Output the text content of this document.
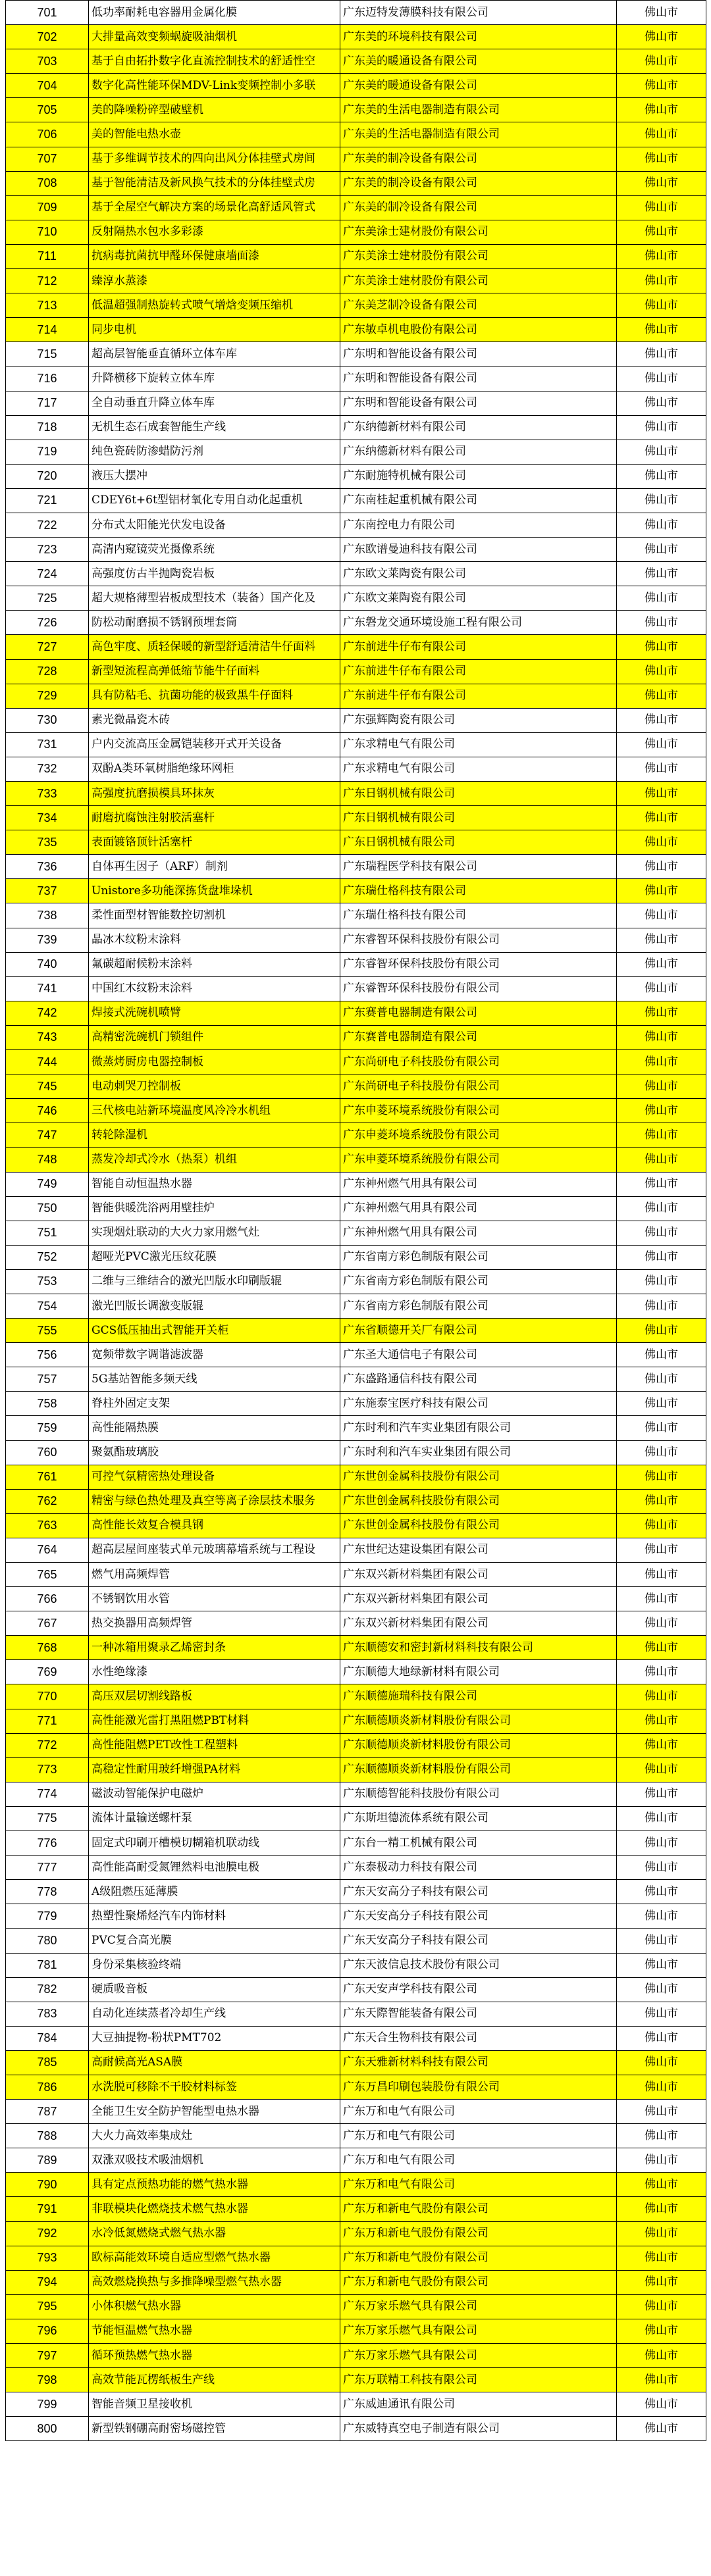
701	低功率耐耗电容器用金属化膜	广东迈特发薄膜科技有限公司	佛山市
702	大排量高效变频蜗旋吸油烟机	广东美的环境科技有限公司	佛山市
703	基于自由拓扑数字化直流控制技术的舒适性空	广东美的暖通设备有限公司	佛山市
704	数字化高性能环保MDV-Link变频控制小多联	广东美的暖通设备有限公司	佛山市
705	美的降噪粉碎型破壁机	广东美的生活电器制造有限公司	佛山市
706	美的智能电热水壶	广东美的生活电器制造有限公司	佛山市
707	基于多维调节技术的四向出风分体挂壁式房间	广东美的制冷设备有限公司	佛山市
708	基于智能清洁及新风换气技术的分体挂壁式房	广东美的制冷设备有限公司	佛山市
709	基于全屋空气解决方案的场景化高舒适风管式	广东美的制冷设备有限公司	佛山市
710	反射隔热水包水多彩漆	广东美涂士建材股份有限公司	佛山市
711	抗病毒抗菌抗甲醛环保健康墙面漆	广东美涂士建材股份有限公司	佛山市
712	臻淳水蒸漆	广东美涂士建材股份有限公司	佛山市
713	低温超强制热旋转式喷气增焓变频压缩机	广东美芝制冷设备有限公司	佛山市
714	同步电机	广东敏卓机电股份有限公司	佛山市
715	超高层智能垂直循环立体车库	广东明和智能设备有限公司	佛山市
716	升降横移下旋转立体车库	广东明和智能设备有限公司	佛山市
717	全自动垂直升降立体车库	广东明和智能设备有限公司	佛山市
718	无机生态石成套智能生产线	广东纳德新材料有限公司	佛山市
719	纯色瓷砖防渗蜡防污剂	广东纳德新材料有限公司	佛山市
720	液压大摆冲	广东耐施特机械有限公司	佛山市
721	CDEY6t+6t型铝材氧化专用自动化起重机	广东南桂起重机械有限公司	佛山市
722	分布式太阳能光伏发电设备	广东南控电力有限公司	佛山市
723	高清内窥镜荧光摄像系统	广东欧谱曼迪科技有限公司	佛山市
724	高强度仿古半抛陶瓷岩板	广东欧文莱陶瓷有限公司	佛山市
725	超大规格薄型岩板成型技术（装备）国产化及	广东欧文莱陶瓷有限公司	佛山市
726	防松动耐磨损不锈钢预埋套筒	广东磐龙交通环境设施工程有限公司	佛山市
727	高色牢度、质轻保暖的新型舒适清洁牛仔面料	广东前进牛仔布有限公司	佛山市
728	新型短流程高弹低缩节能牛仔面料	广东前进牛仔布有限公司	佛山市
729	具有防粘毛、抗菌功能的极致黑牛仔面料	广东前进牛仔布有限公司	佛山市
730	素光微晶瓷木砖	广东强辉陶瓷有限公司	佛山市
731	户内交流高压金属铠装移开式开关设备	广东求精电气有限公司	佛山市
732	双酚A类环氧树脂绝缘环网柜	广东求精电气有限公司	佛山市
733	高强度抗磨损模具环抹灰	广东日钢机械有限公司	佛山市
734	耐磨抗腐蚀注射胶活塞杆	广东日钢机械有限公司	佛山市
735	表面镀铬顶针活塞杆	广东日钢机械有限公司	佛山市
736	自体再生因子（ARF）制剂	广东瑞程医学科技有限公司	佛山市
737	Unistore多功能深拣货盘堆垛机	广东瑞仕格科技有限公司	佛山市
738	柔性面型材智能数控切割机	广东瑞仕格科技有限公司	佛山市
739	晶冰木纹粉末涂料	广东睿智环保科技股份有限公司	佛山市
740	氟碳超耐候粉末涂料	广东睿智环保科技股份有限公司	佛山市
741	中国红木纹粉末涂料	广东睿智环保科技股份有限公司	佛山市
742	焊接式洗碗机喷臂	广东赛普电器制造有限公司	佛山市
743	高精密洗碗机门锁组件	广东赛普电器制造有限公司	佛山市
744	微蒸烤厨房电器控制板	广东尚研电子科技股份有限公司	佛山市
745	电动刺哭刀控制板	广东尚研电子科技股份有限公司	佛山市
746	三代核电站新环境温度风冷冷水机组	广东申菱环境系统股份有限公司	佛山市
747	转轮除湿机	广东申菱环境系统股份有限公司	佛山市
748	蒸发冷却式冷水（热泵）机组	广东申菱环境系统股份有限公司	佛山市
749	智能自动恒温热水器	广东神州燃气用具有限公司	佛山市
750	智能供暖洗浴两用壁挂炉	广东神州燃气用具有限公司	佛山市
751	实现烟灶联动的大火力家用燃气灶	广东神州燃气用具有限公司	佛山市
752	超哑光PVC激光压纹花膜	广东省南方彩色制版有限公司	佛山市
753	二维与三维结合的激光凹版水印刷版辊	广东省南方彩色制版有限公司	佛山市
754	激光凹版长调激变版辊	广东省南方彩色制版有限公司	佛山市
755	GCS低压抽出式智能开关柜	广东省顺德开关厂有限公司	佛山市
756	宽频带数字调谐滤波器	广东圣大通信电子有限公司	佛山市
757	5G基站智能多频天线	广东盛路通信科技有限公司	佛山市
758	脊柱外固定支架	广东施泰宝医疗科技有限公司	佛山市
759	高性能隔热膜	广东时利和汽车实业集团有限公司	佛山市
760	聚氨酯玻璃胶	广东时利和汽车实业集团有限公司	佛山市
761	可控气氛精密热处理设备	广东世创金属科技股份有限公司	佛山市
762	精密与绿色热处理及真空等离子涂层技术服务	广东世创金属科技股份有限公司	佛山市
763	高性能长效复合模具钢	广东世创金属科技股份有限公司	佛山市
764	超高层屋间座装式单元玻璃幕墙系统与工程设	广东世纪达建设集团有限公司	佛山市
765	燃气用高频焊管	广东双兴新材料集团有限公司	佛山市
766	不锈钢饮用水管	广东双兴新材料集团有限公司	佛山市
767	热交换器用高频焊管	广东双兴新材料集团有限公司	佛山市
768	一种冰箱用聚录乙烯密封条	广东顺德安和密封新材料科技有限公司	佛山市
769	水性绝缘漆	广东顺德大地绿新材料有限公司	佛山市
770	高压双层切割线路板	广东顺德施瑞科技有限公司	佛山市
771	高性能激光雷打黑阻燃PBT材料	广东顺德顺炎新材料股份有限公司	佛山市
772	高性能阻燃PET改性工程塑料	广东顺德顺炎新材料股份有限公司	佛山市
773	高稳定性耐用玻纤增强PA材料	广东顺德顺炎新材料股份有限公司	佛山市
774	磁波动智能保护电磁炉	广东顺德智能科技股份有限公司	佛山市
775	流体计量输送螺杆泵	广东斯坦德流体系统有限公司	佛山市
776	固定式印刷开槽模切糊箱机联动线	广东台一精工机械有限公司	佛山市
777	高性能高耐受氮锂然料电池膜电极	广东泰极动力科技有限公司	佛山市
778	A级阻燃压延薄膜	广东天安高分子科技有限公司	佛山市
779	热塑性聚烯烃汽车内饰材料	广东天安高分子科技有限公司	佛山市
780	PVC复合高光膜	广东天安高分子科技有限公司	佛山市
781	身份采集核验终端	广东天波信息技术股份有限公司	佛山市
782	硬质吸音板	广东天安声学科技有限公司	佛山市
783	自动化连续蒸者冷却生产线	广东天際智能装备有限公司	佛山市
784	大豆抽提物-粉状PMT702	广东天合生物科技有限公司	佛山市
785	高耐候高光ASA膜	广东天雅新材料科技有限公司	佛山市
786	水洗脱可移除不干胶材料标签	广东万昌印刷包装股份有限公司	佛山市
787	全能卫生安全防护智能型电热水器	广东万和电气有限公司	佛山市
788	大火力高效率集成灶	广东万和电气有限公司	佛山市
789	双涨双吸技术吸油烟机	广东万和电气有限公司	佛山市
790	具有定点预热功能的燃气热水器	广东万和电气有限公司	佛山市
791	非联模块化燃烧技术燃气热水器	广东万和新电气股份有限公司	佛山市
792	水冷低氮燃烧式燃气热水器	广东万和新电气股份有限公司	佛山市
793	欧标高能效环境自适应型燃气热水器	广东万和新电气股份有限公司	佛山市
794	高效燃烧换热与多推降噪型燃气热水器	广东万和新电气股份有限公司	佛山市
795	小体积燃气热水器	广东万家乐燃气具有限公司	佛山市
796	节能恒温燃气热水器	广东万家乐燃气具有限公司	佛山市
797	循环预热燃气热水器	广东万家乐燃气具有限公司	佛山市
798	高效节能瓦楞纸板生产线	广东万联精工科技有限公司	佛山市
799	智能音频卫星接收机	广东威迪通讯有限公司	佛山市
800	新型铁钢硼高耐密场磁控管	广东威特真空电子制造有限公司	佛山市
